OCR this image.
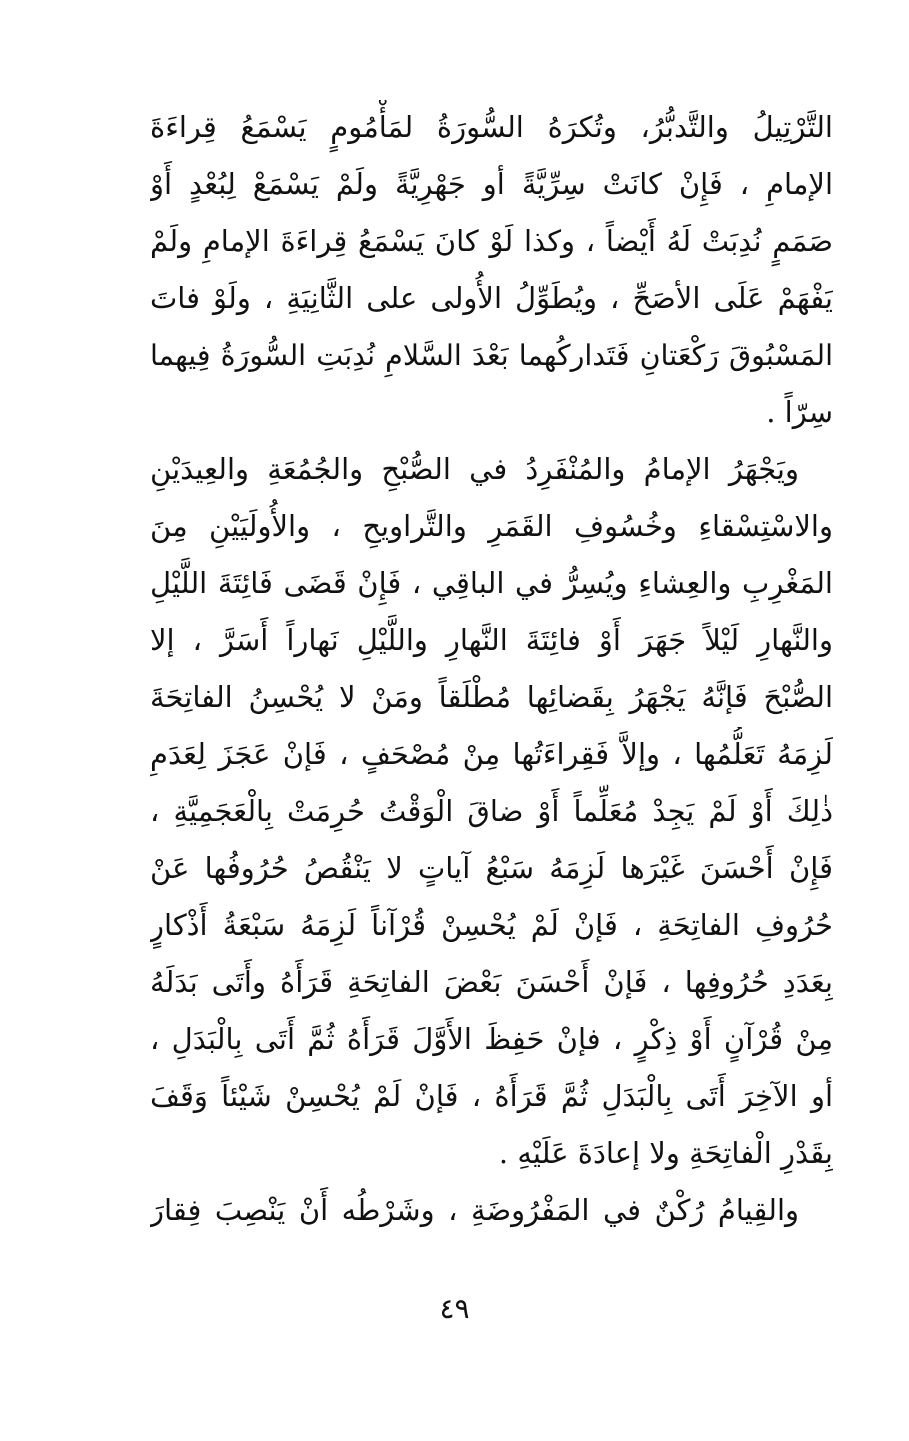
التَّرْتِيلُ والتَّدبُّرُ، وتُكرَهُ السُّورَةُ لمَأْمُومٍ يَسْمَعُ قِراءَةَ
الإمامِ ، فَإِنْ كانَتْ سِرِّيَّةً أو جَهْرِيَّةً ولَمْ يَسْمَعْ لِبُعْدٍ أَوْ
صَمَمٍ نُدِبَتْ لَهُ أَيْضاً ، وكذا لَوْ كانَ يَسْمَعُ قِراءَةَ الإمامِ ولَمْ
يَفْهَمْ عَلَى الأصَحِّ ، ويُطَوِّلُ الأُولى على الثَّانِيَةِ ، ولَوْ فاتَ
المَسْبُوقَ رَكْعَتانِ فَتَداركُهما بَعْدَ السَّلامِ نُدِبَتِ السُّورَةُ فِيهما
سِرّاً .
ويَجْهَرُ الإمامُ والمُنْفَرِدُ في الصُّبْحِ والجُمُعَةِ والعِيدَيْنِ
والاسْتِسْقاءِ وخُسُوفِ القَمَرِ والتَّراويحِ ، والأُولَيَيْنِ مِنَ
المَغْرِبِ والعِشاءِ ويُسِرُّ في الباقِي ، فَإِنْ قَضَى فَائِتَةَ اللَّيْلِ
والنَّهارِ لَيْلاً جَهَرَ أَوْ فائِتَةَ النَّهارِ واللَّيْلِ نَهاراً أَسَرَّ ، إلا
الصُّبْحَ فَإنَّهُ يَجْهَرُ بِقَضائِها مُطْلَقاً ومَنْ لا يُحْسِنُ الفاتِحَةَ
لَزِمَهُ تَعَلُّمُها ، وإلاَّ فَقِراءَتُها مِنْ مُصْحَفٍ ، فَإنْ عَجَزَ لِعَدَمِ
ذٰلِكَ أَوْ لَمْ يَجِدْ مُعَلِّماً أَوْ ضاقَ الْوَقْتُ حُرِمَتْ بِالْعَجَمِيَّةِ ،
فَإِنْ أَحْسَنَ غَيْرَها لَزِمَهُ سَبْعُ آياتٍ لا يَنْقُصُ حُرُوفُها عَنْ
حُرُوفِ الفاتِحَةِ ، فَإنْ لَمْ يُحْسِنْ قُرْآناً لَزِمَهُ سَبْعَةُ أَذْكارٍ
بِعَدَدِ حُرُوفِها ، فَإنْ أَحْسَنَ بَعْضَ الفاتِحَةِ قَرَأَهُ وأَتَى بَدَلَهُ
مِنْ قُرْآنٍ أَوْ ذِكْرٍ ، فإنْ حَفِظَ الأَوَّلَ قَرَأَهُ ثُمَّ أَتَى بِالْبَدَلِ ،
أو الآخِرَ أَتَى بِالْبَدَلِ ثُمَّ قَرَأَهُ ، فَإنْ لَمْ يُحْسِنْ شَيْئاً وَقَفَ
بِقَدْرِ الْفاتِحَةِ ولا إعادَةَ عَلَيْهِ .
والقِيامُ رُكْنٌ في المَفْرُوضَةِ ، وشَرْطُه أَنْ يَنْصِبَ فِقارَ
٤٩
